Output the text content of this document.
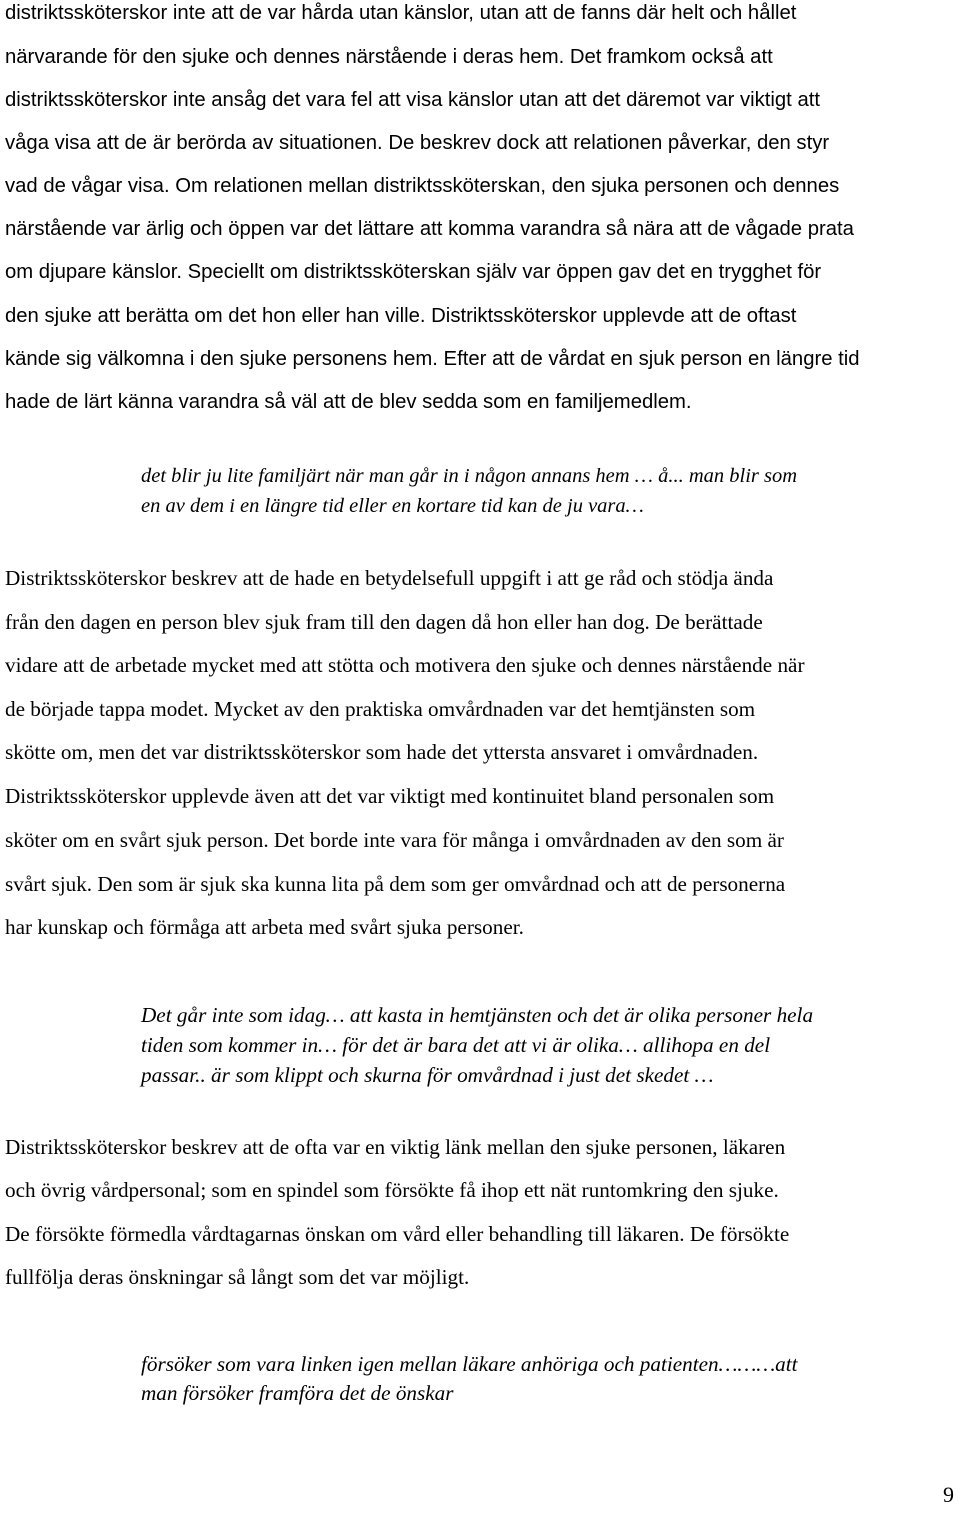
distriktssköterskor inte att de var hårda utan känslor, utan att de fanns där helt och hållet
närvarande för den sjuke och dennes närstående i deras hem. Det framkom också att
distriktssköterskor inte ansåg det vara fel att visa känslor utan att det däremot var viktigt att
våga visa att de är berörda av situationen. De beskrev dock att relationen påverkar, den styr
vad de vågar visa. Om relationen mellan distriktssköterskan, den sjuka personen och dennes
närstående var ärlig och öppen var det lättare att komma varandra så nära att de vågade prata
om djupare känslor. Speciellt om distriktssköterskan själv var öppen gav det en trygghet för
den sjuke att berätta om det hon eller han ville. Distriktssköterskor upplevde att de oftast
kände sig välkomna i den sjuke personens hem. Efter att de vårdat en sjuk person en längre tid
hade de lärt känna varandra så väl att de blev sedda som en familjemedlem.
det blir ju lite familjärt när man går in i någon annans hem … å... man blir som
en av dem i en längre tid eller en kortare tid kan de ju vara…
Distriktssköterskor beskrev att de hade en betydelsefull uppgift i att ge råd och stödja ända
från den dagen en person blev sjuk fram till den dagen då hon eller han dog. De berättade
vidare att de arbetade mycket med att stötta och motivera den sjuke och dennes närstående när
de började tappa modet. Mycket av den praktiska omvårdnaden var det hemtjänsten som
skötte om, men det var distriktssköterskor som hade det yttersta ansvaret i omvårdnaden.
Distriktssköterskor upplevde även att det var viktigt med kontinuitet bland personalen som
sköter om en svårt sjuk person. Det borde inte vara för många i omvårdnaden av den som är
svårt sjuk. Den som är sjuk ska kunna lita på dem som ger omvårdnad och att de personerna
har kunskap och förmåga att arbeta med svårt sjuka personer.
Det går inte som idag… att kasta in hemtjänsten och det är olika personer hela
tiden som kommer in… för det är bara det att vi är olika… allihopa en del
passar.. är som klippt och skurna för omvårdnad i just det skedet …
Distriktssköterskor beskrev att de ofta var en viktig länk mellan den sjuke personen, läkaren
och övrig vårdpersonal; som en spindel som försökte få ihop ett nät runtomkring den sjuke.
De försökte förmedla vårdtagarnas önskan om vård eller behandling till läkaren. De försökte
fullfölja deras önskningar så långt som det var möjligt.
försöker som vara linken igen mellan läkare anhöriga och patienten………att
man försöker framföra det de önskar
9
